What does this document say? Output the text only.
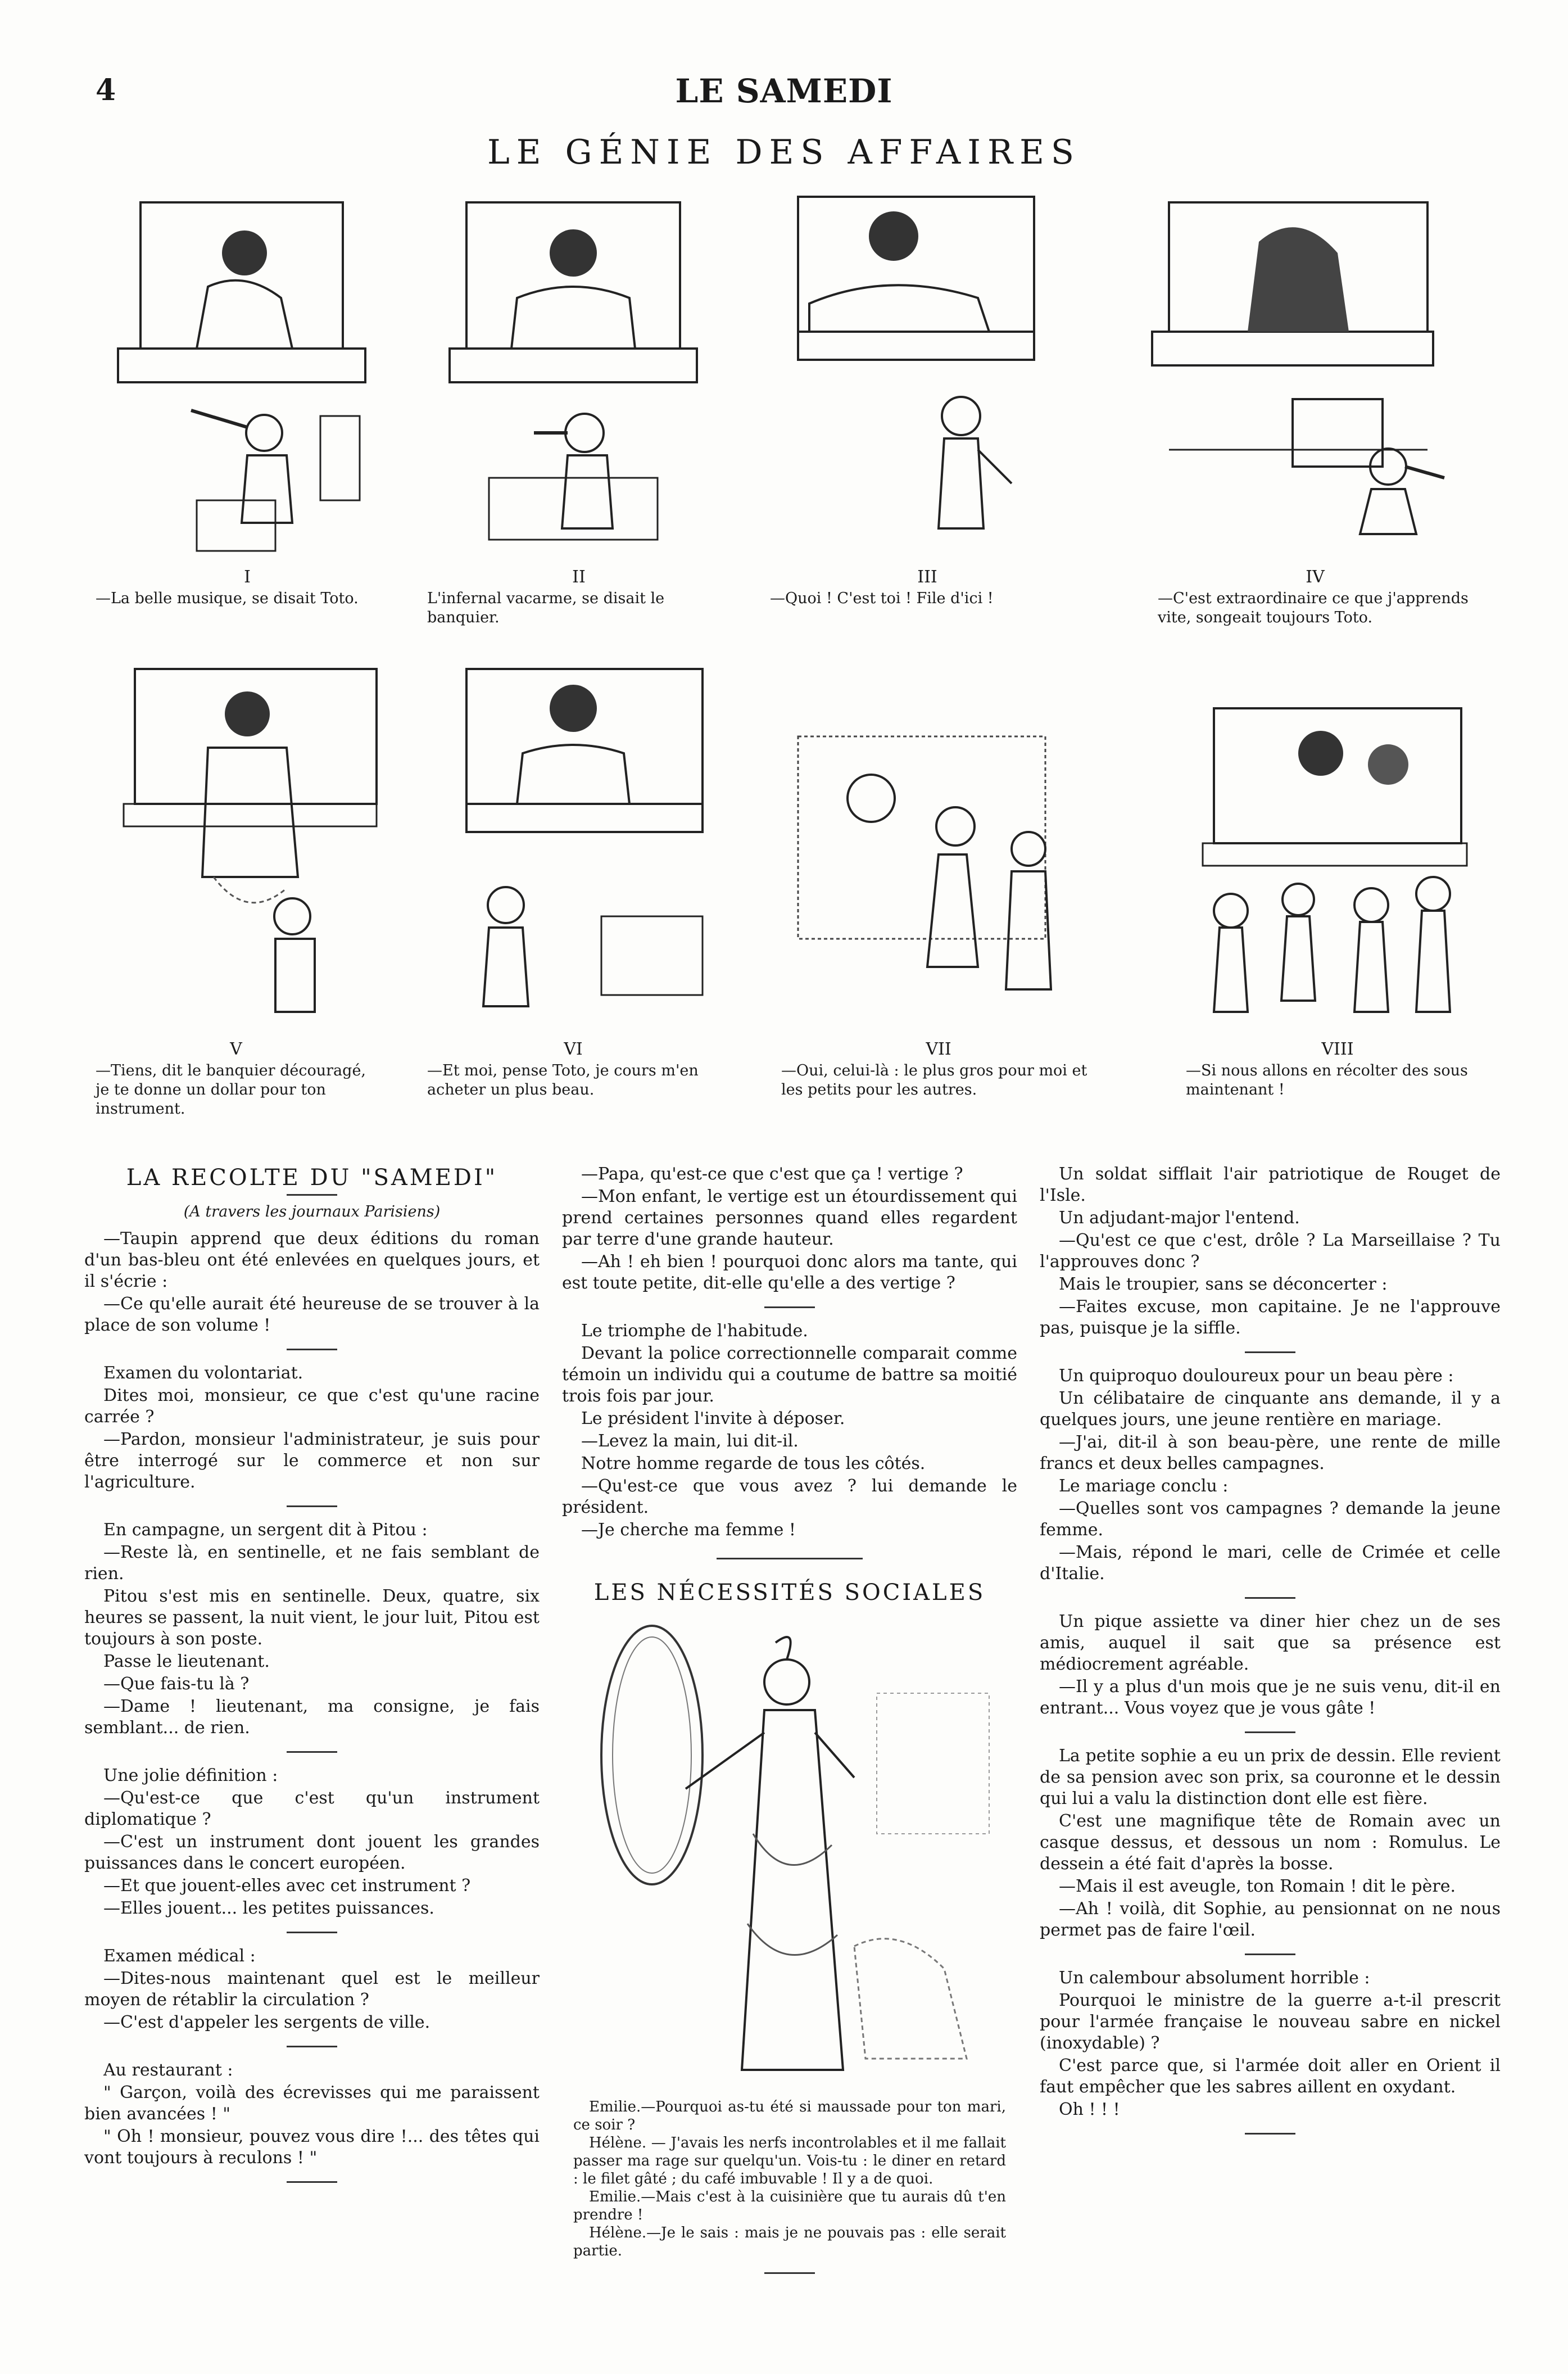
4	LE SAMEDI
LE GÉNIE DES AFFAIRES
I
—La belle musique, se disait Toto.
II
L'infernal vacarme, se disait le banquier.
III
—Quoi ! C'est toi ! File d'ici !
IV
—C'est extraordinaire ce que j'apprends vite, songeait toujours Toto.
V
—Tiens, dit le banquier découragé, je te donne un dollar pour ton instrument.
VI
—Et moi, pense Toto, je cours m'en acheter un plus beau.
VII
—Oui, celui-là : le plus gros pour moi et les petits pour les autres.
VIII
—Si nous allons en récolter des sous maintenant !
LA RECOLTE DU "SAMEDI"
(A travers les journaux Parisiens)

—Taupin apprend que deux éditions du roman d'un bas-bleu ont été enlevées en quelques jours, et il s'écrie :

—Ce qu'elle aurait été heureuse de se trouver à la place de son volume !

Examen du volontariat.

Dites moi, monsieur, ce que c'est qu'une racine carrée ?

—Pardon, monsieur l'administrateur, je suis pour être interrogé sur le commerce et non sur l'agriculture.

En campagne, un sergent dit à Pitou :

—Reste là, en sentinelle, et ne fais semblant de rien.

Pitou s'est mis en sentinelle. Deux, quatre, six heures se passent, la nuit vient, le jour luit, Pitou est toujours à son poste.

Passe le lieutenant.

—Que fais-tu là ?

—Dame ! lieutenant, ma consigne, je fais semblant... de rien.

Une jolie définition :

—Qu'est-ce que c'est qu'un instrument diplomatique ?

—C'est un instrument dont jouent les grandes puissances dans le concert européen.

—Et que jouent-elles avec cet instrument ?

—Elles jouent... les petites puissances.

Examen médical :

—Dites-nous maintenant quel est le meilleur moyen de rétablir la circulation ?

—C'est d'appeler les sergents de ville.

Au restaurant :

" Garçon, voilà des écrevisses qui me paraissent bien avancées ! "

" Oh ! monsieur, pouvez vous dire !... des têtes qui vont toujours à reculons ! "

—Papa, qu'est-ce que c'est que ça ! vertige ?

—Mon enfant, le vertige est un étourdissement qui prend certaines personnes quand elles regardent par terre d'une grande hauteur.

—Ah ! eh bien ! pourquoi donc alors ma tante, qui est toute petite, dit-elle qu'elle a des vertige ?

Le triomphe de l'habitude.

Devant la police correctionnelle comparait comme témoin un individu qui a coutume de battre sa moitié trois fois par jour.

Le président l'invite à déposer.

—Levez la main, lui dit-il.

Notre homme regarde de tous les côtés.

—Qu'est-ce que vous avez ? lui demande le président.

—Je cherche ma femme !

LES NÉCESSITÉS SOCIALES

Emilie.—Pourquoi as-tu été si maussade pour ton mari, ce soir ?

Hélène. — J'avais les nerfs incontrolables et il me fallait passer ma rage sur quelqu'un. Vois-tu : le diner en retard : le filet gâté ; du café imbuvable ! Il y a de quoi.

Emilie.—Mais c'est à la cuisinière que tu aurais dû t'en prendre !

Hélène.—Je le sais : mais je ne pouvais pas : elle serait partie.

Un soldat sifflait l'air patriotique de Rouget de l'Isle.

Un adjudant-major l'entend.

—Qu'est ce que c'est, drôle ? La Marseillaise ? Tu l'approuves donc ?

Mais le troupier, sans se déconcerter :

—Faites excuse, mon capitaine. Je ne l'approuve pas, puisque je la siffle.

Un quiproquo douloureux pour un beau père :

Un célibataire de cinquante ans demande, il y a quelques jours, une jeune rentière en mariage.

—J'ai, dit-il à son beau-père, une rente de mille francs et deux belles campagnes.

Le mariage conclu :

—Quelles sont vos campagnes ? demande la jeune femme.

—Mais, répond le mari, celle de Crimée et celle d'Italie.

Un pique assiette va diner hier chez un de ses amis, auquel il sait que sa présence est médiocrement agréable.

—Il y a plus d'un mois que je ne suis venu, dit-il en entrant... Vous voyez que je vous gâte !

La petite sophie a eu un prix de dessin. Elle revient de sa pension avec son prix, sa couronne et le dessin qui lui a valu la distinction dont elle est fière.

C'est une magnifique tête de Romain avec un casque dessus, et dessous un nom : Romulus. Le dessein a été fait d'après la bosse.

—Mais il est aveugle, ton Romain ! dit le père.

—Ah ! voilà, dit Sophie, au pensionnat on ne nous permet pas de faire l'œil.

Un calembour absolument horrible :

Pourquoi le ministre de la guerre a-t-il prescrit pour l'armée française le nouveau sabre en nickel (inoxydable) ?

C'est parce que, si l'armée doit aller en Orient il faut empêcher que les sabres aillent en oxydant.

Oh ! ! !
